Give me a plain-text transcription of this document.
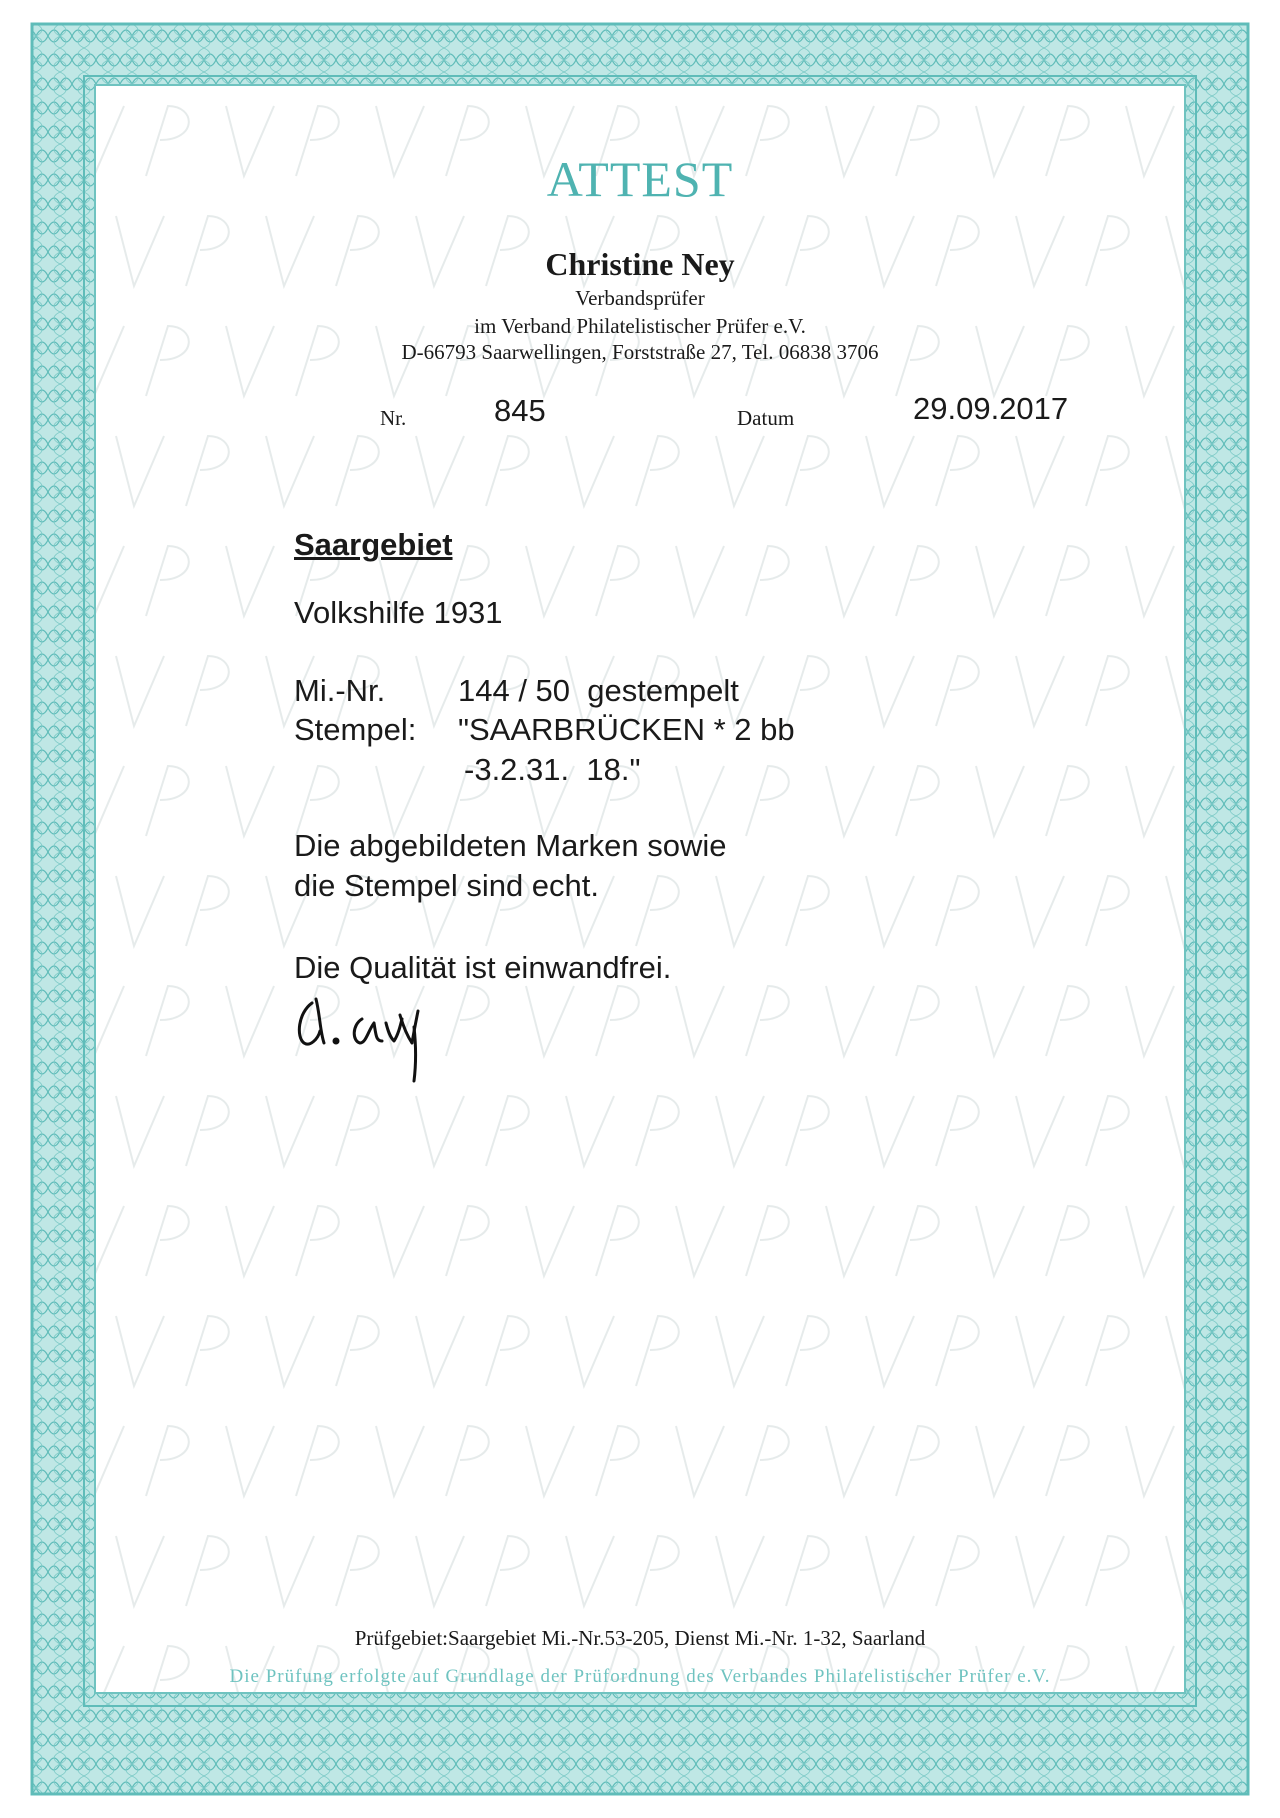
ATTEST
Christine Ney
Verbandsprüfer
im Verband Philatelistischer Prüfer e.V.
D-66793 Saarwellingen, Forststraße 27, Tel. 06838 3706
Nr.	845	Datum	29.09.2017
Saargebiet
Volkshilfe 1931
Mi.-Nr. 144 / 50  gestempelt
Stempel: "SAARBRÜCKEN * 2 bb
-3.2.31.  18."
Die abgebildeten Marken sowie
die Stempel sind echt.
Die Qualität ist einwandfrei.
Prüfgebiet:Saargebiet Mi.-Nr.53-205, Dienst Mi.-Nr. 1-32, Saarland
Die Prüfung erfolgte auf Grundlage der Prüfordnung des Verbandes Philatelistischer Prüfer e.V.
